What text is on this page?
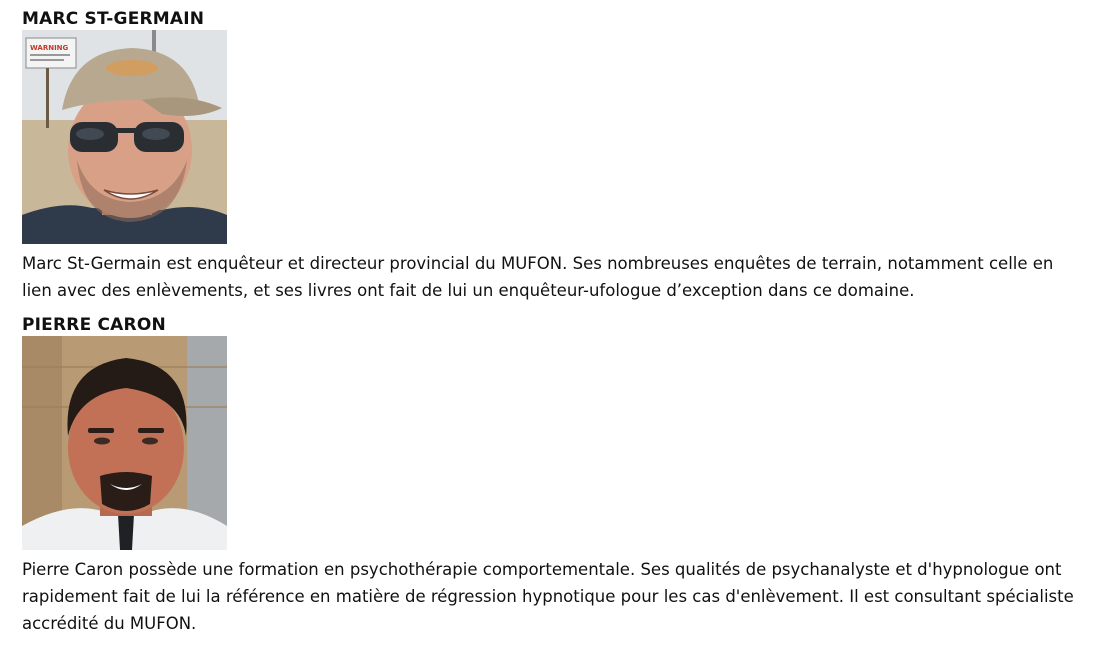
MARC ST-GERMAIN
WARNING

Marc St-Germain est enquêteur et directeur provincial du MUFON. Ses nombreuses enquêtes de terrain, notamment celle en lien avec des enlèvements, et ses livres ont fait de lui un enquêteur-ufologue d’exception dans ce domaine.

PIERRE CARON

Pierre Caron possède une formation en psychothérapie comportementale. Ses qualités de psychanalyste et d'hypnologue ont rapidement fait de lui la référence en matière de régression hypnotique pour les cas d'enlèvement. Il est consultant spécialiste accrédité du MUFON.
